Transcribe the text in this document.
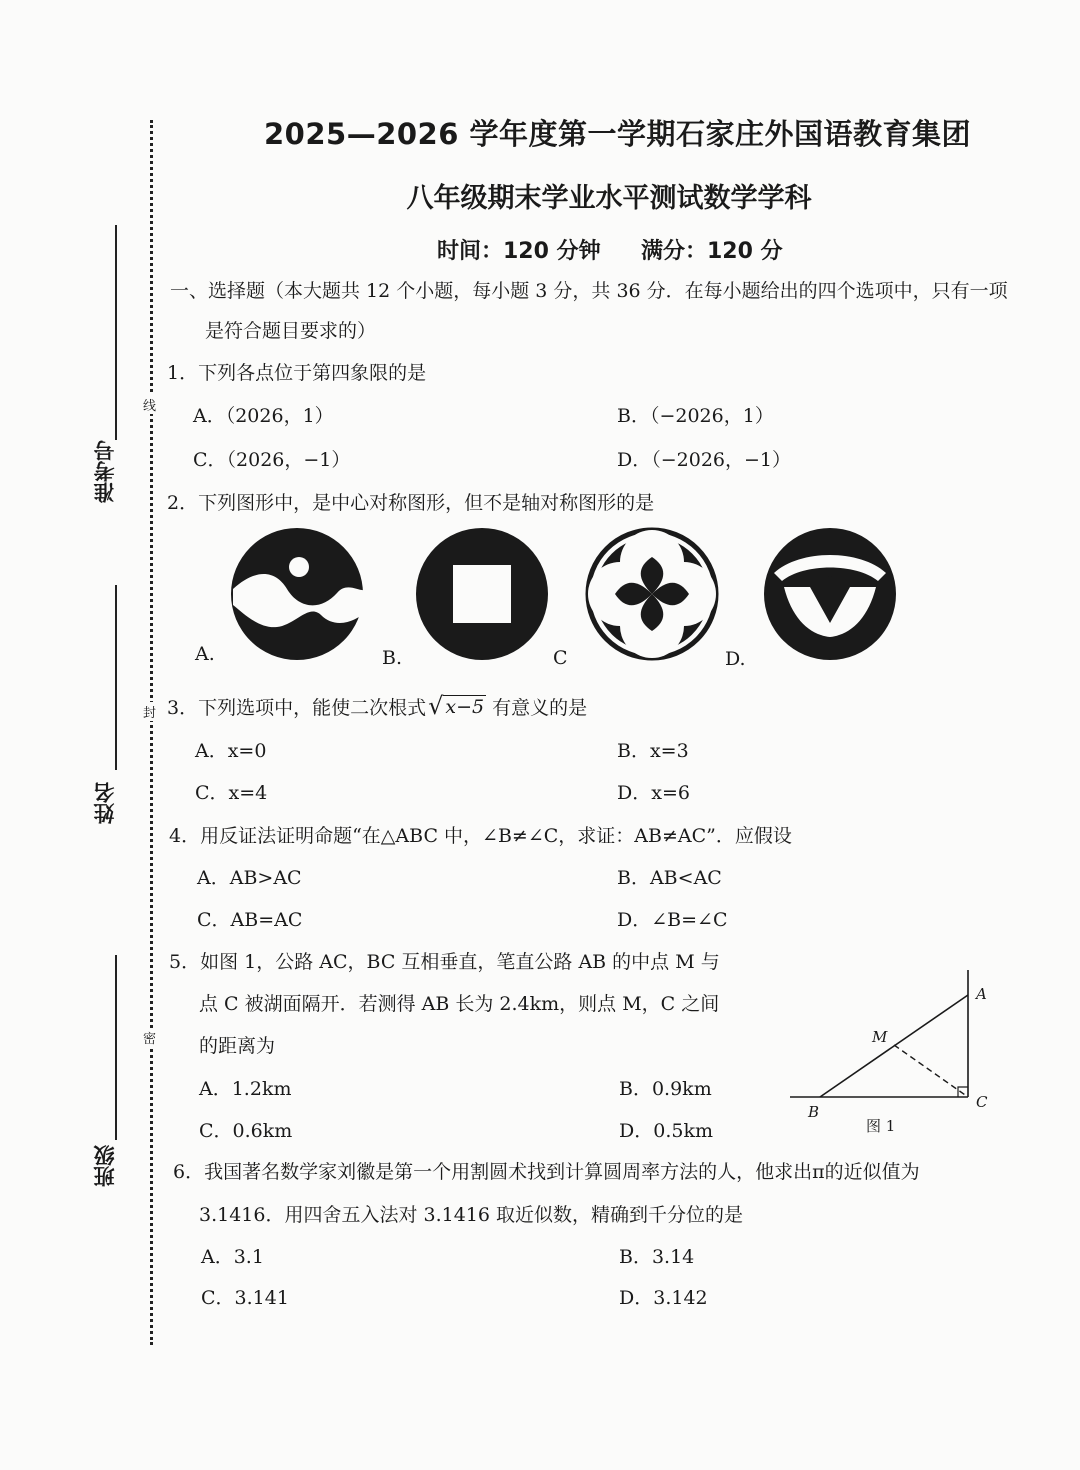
2025—2026 学年度第一学期石家庄外国语教育集团
八年级期末学业水平测试数学学科
时间：120 分钟 满分：120 分
准考号
姓名
班级
线
封
密
一、选择题（本大题共 12 个小题，每小题 3 分，共 36 分．在每小题给出的四个选项中，只有一项
是符合题目要求的）
1．下列各点位于第四象限的是
A．（2026，1）	B．（−2026，1）
C．（2026，−1）	D．（−2026，−1）
2．下列图形中，是中心对称图形，但不是轴对称图形的是
A.	B.	C	D.
3．下列选项中，能使二次根式 √ x−5 有意义的是
A．x=0	B．x=3
C．x=4	D．x=6
4．用反证法证明命题“在△ABC 中，∠B≠∠C，求证：AB≠AC”．应假设
A．AB>AC	B．AB<AC
C．AB=AC	D．∠B=∠C
5．如图 1，公路 AC，BC 互相垂直，笔直公路 AB 的中点 M 与
点 C 被湖面隔开．若测得 AB 长为 2.4km，则点 M，C 之间
的距离为
A．1.2km	B．0.9km
C．0.6km	D．0.5km
A
B
C
M
图 1
6．我国著名数学家刘徽是第一个用割圆术找到计算圆周率方法的人，他求出π的近似值为
3.1416．用四舍五入法对 3.1416 取近似数，精确到千分位的是
A．3.1	B．3.14
C．3.141	D．3.142
